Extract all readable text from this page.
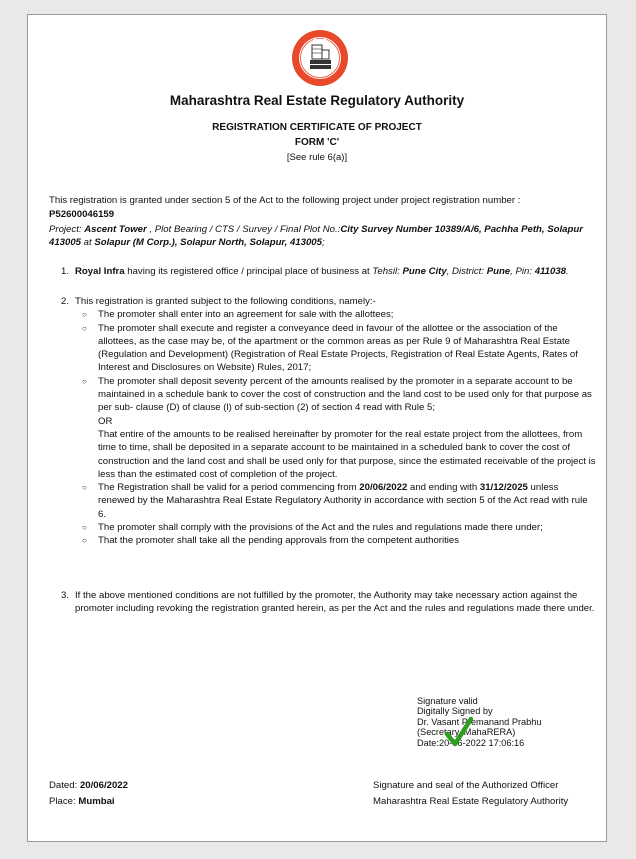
★ ★ ★
Maharashtra Real Estate Regulatory Authority
REGISTRATION CERTIFICATE OF PROJECT
FORM 'C'
[See rule 6(a)]
This registration is granted under section 5 of the Act to the following project under project registration number :
P52600046159
Project: Ascent Tower , Plot Bearing / CTS / Survey / Final Plot No.:City Survey Number 10389/A/6, Pachha Peth, Solapur 413005 at Solapur (M Corp.), Solapur North, Solapur, 413005;
1. Royal Infra having its registered office / principal place of business at Tehsil: Pune City, District: Pune, Pin: 411038.
2. This registration is granted subject to the following conditions, namely:-
○ The promoter shall enter into an agreement for sale with the allottees;
○ The promoter shall execute and register a conveyance deed in favour of the allottee or the association of the allottees, as the case may be, of the apartment or the common areas as per Rule 9 of Maharashtra Real Estate (Regulation and Development) (Registration of Real Estate Projects, Registration of Real Estate Agents, Rates of Interest and Disclosures on Website) Rules, 2017;
○ The promoter shall deposit seventy percent of the amounts realised by the promoter in a separate account to be maintained in a schedule bank to cover the cost of construction and the land cost to be used only for that purpose as per sub- clause (D) of clause (l) of sub-section (2) of section 4 read with Rule 5;
OR
That entire of the amounts to be realised hereinafter by promoter for the real estate project from the allottees, from time to time, shall be deposited in a separate account to be maintained in a scheduled bank to cover the cost of construction and the land cost and shall be used only for that purpose, since the estimated receivable of the project is less than the estimated cost of completion of the project.
○ The Registration shall be valid for a period commencing from 20/06/2022 and ending with 31/12/2025 unless renewed by the Maharashtra Real Estate Regulatory Authority in accordance with section 5 of the Act read with rule 6.
○ The promoter shall comply with the provisions of the Act and the rules and regulations made there under;
○ That the promoter shall take all the pending approvals from the competent authorities
3. If the above mentioned conditions are not fulfilled by the promoter, the Authority may take necessary action against the promoter including revoking the registration granted herein, as per the Act and the rules and regulations made there under.
Signature valid
Digitally Signed by
Dr. Vasant Premanand Prabhu
(Secretary, MahaRERA)
Date:20-06-2022 17:06:16
Dated: 20/06/2022
Place: Mumbai
Signature and seal of the Authorized Officer
Maharashtra Real Estate Regulatory Authority
